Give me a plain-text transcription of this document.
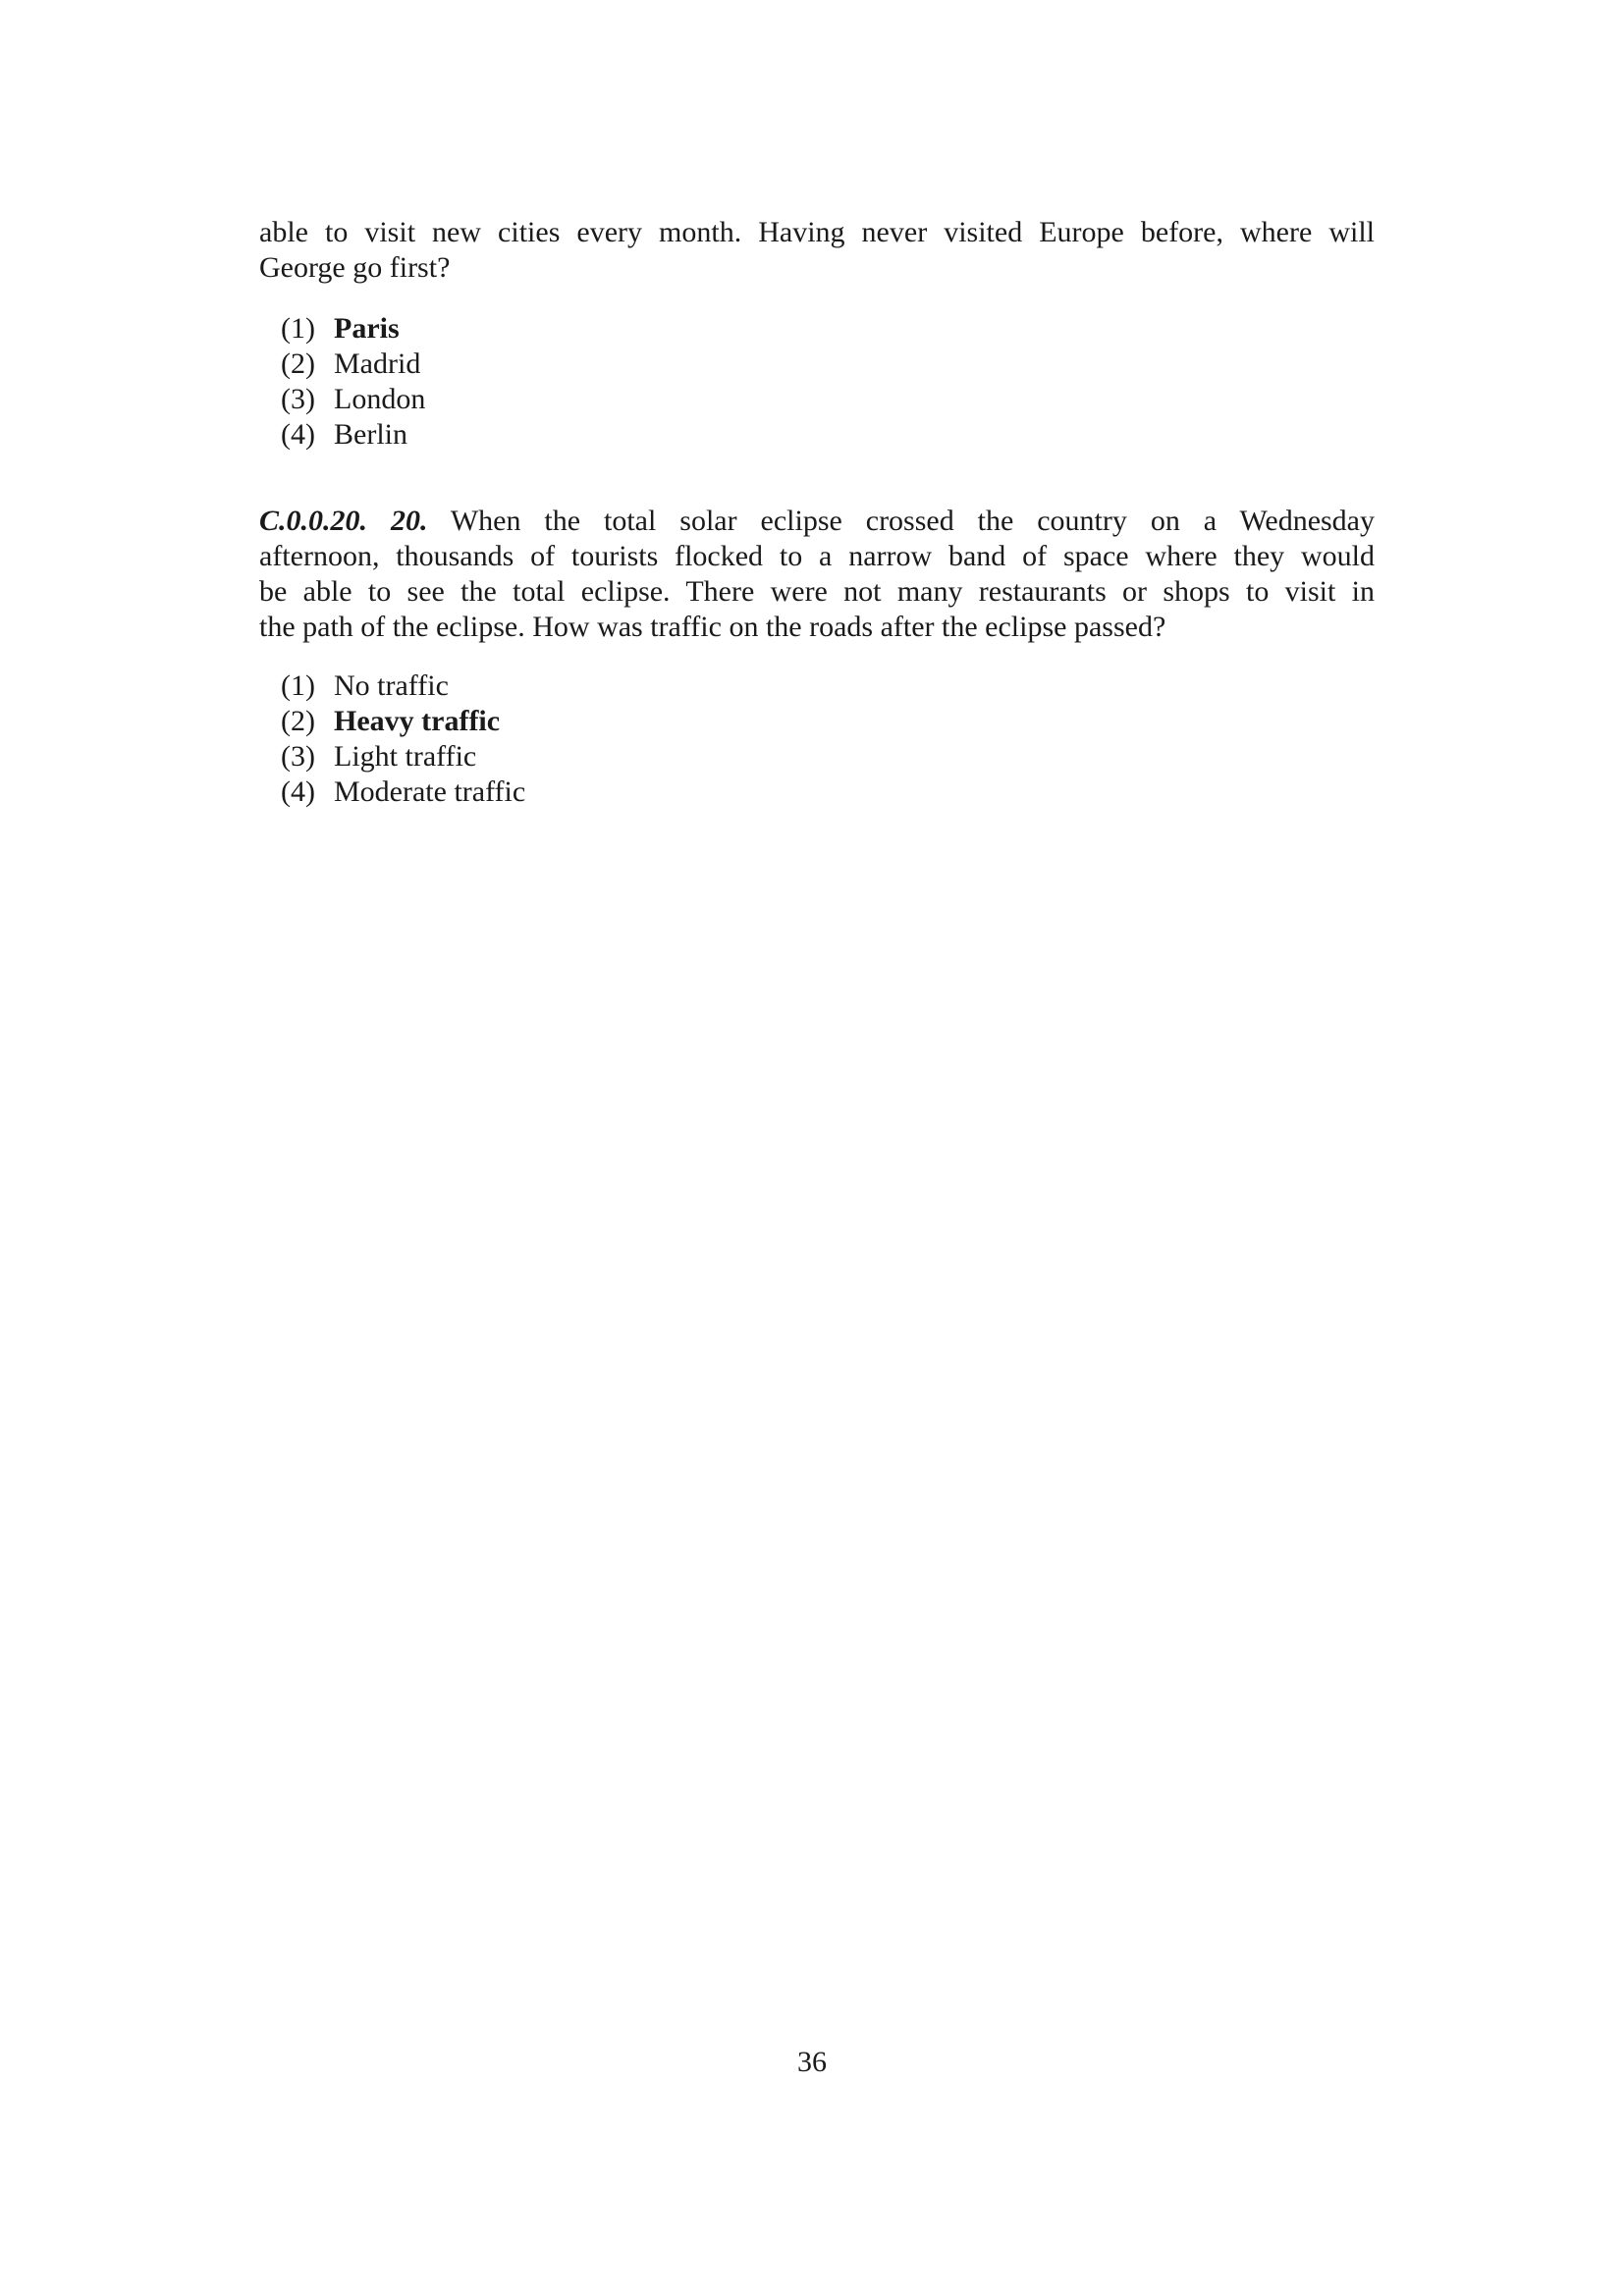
able to visit new cities every month. Having never visited Europe before, where will

George go first?

(1) Paris
(2) Madrid
(3) London
(4) Berlin

C.0.0.20. 20. When the total solar eclipse crossed the country on a Wednesday

afternoon, thousands of tourists flocked to a narrow band of space where they would

be able to see the total eclipse. There were not many restaurants or shops to visit in

the path of the eclipse. How was traffic on the roads after the eclipse passed?

(1) No traffic
(2) Heavy traffic
(3) Light traffic
(4) Moderate traffic
36
